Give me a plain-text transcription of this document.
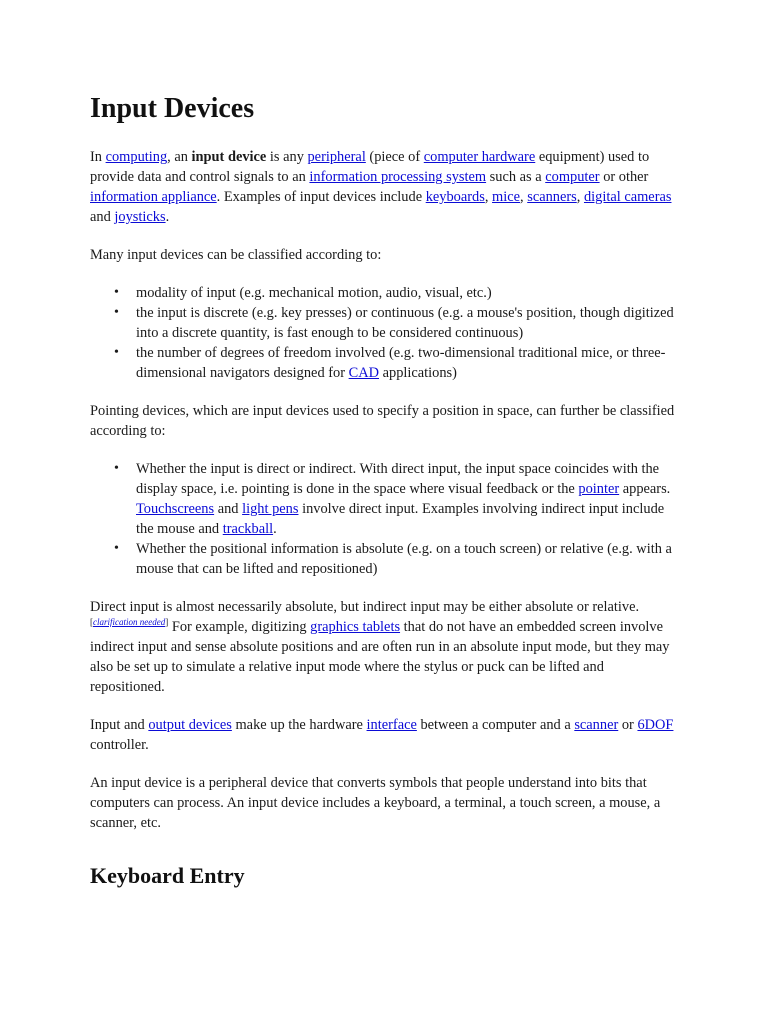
Input Devices

In computing, an input device is any peripheral (piece of computer hardware equipment) used to provide data and control signals to an information processing system such as a computer or other information appliance. Examples of input devices include keyboards, mice, scanners, digital cameras and joysticks.

Many input devices can be classified according to:

• modality of input (e.g. mechanical motion, audio, visual, etc.)
• the input is discrete (e.g. key presses) or continuous (e.g. a mouse's position, though digitized into a discrete quantity, is fast enough to be considered continuous)
• the number of degrees of freedom involved (e.g. two-dimensional traditional mice, or three-dimensional navigators designed for CAD applications)

Pointing devices, which are input devices used to specify a position in space, can further be classified according to:

• Whether the input is direct or indirect. With direct input, the input space coincides with the display space, i.e. pointing is done in the space where visual feedback or the pointer appears. Touchscreens and light pens involve direct input. Examples involving indirect input include the mouse and trackball.
• Whether the positional information is absolute (e.g. on a touch screen) or relative (e.g. with a mouse that can be lifted and repositioned)

Direct input is almost necessarily absolute, but indirect input may be either absolute or relative.[clarification needed] For example, digitizing graphics tablets that do not have an embedded screen involve indirect input and sense absolute positions and are often run in an absolute input mode, but they may also be set up to simulate a relative input mode where the stylus or puck can be lifted and repositioned.

Input and output devices make up the hardware interface between a computer and a scanner or 6DOF controller.

An input device is a peripheral device that converts symbols that people understand into bits that computers can process. An input device includes a keyboard, a terminal, a touch screen, a mouse, a scanner, etc.

Keyboard Entry
